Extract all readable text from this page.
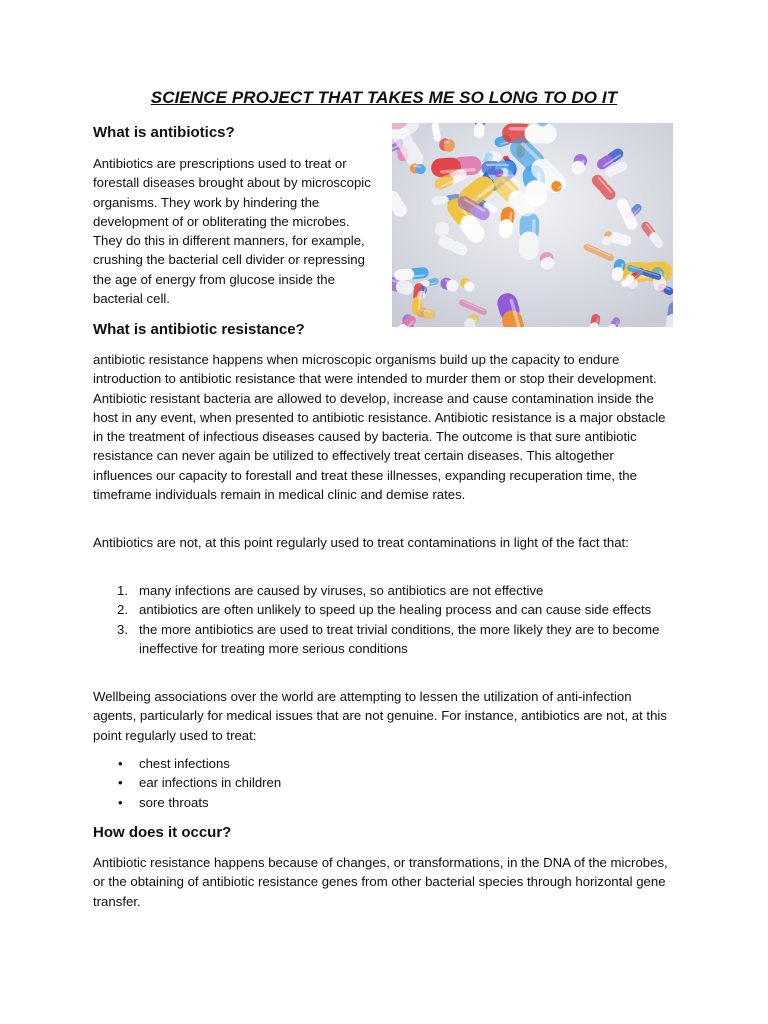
SCIENCE PROJECT THAT TAKES ME SO LONG TO DO IT
What is antibiotics?
Antibiotics are prescriptions used to treat or forestall diseases brought about by microscopic organisms. They work by hindering the development of or obliterating the microbes. They do this in different manners, for example, crushing the bacterial cell divider or repressing the age of energy from glucose inside the bacterial cell.
What is antibiotic resistance?
antibiotic resistance happens when microscopic organisms build up the capacity to endure introduction to antibiotic resistance that were intended to murder them or stop their development. Antibiotic resistant bacteria are allowed to develop, increase and cause contamination inside the host in any event, when presented to antibiotic resistance. Antibiotic resistance is a major obstacle in the treatment of infectious diseases caused by bacteria. The outcome is that sure antibiotic resistance can never again be utilized to effectively treat certain diseases. This altogether influences our capacity to forestall and treat these illnesses, expanding recuperation time, the timeframe individuals remain in medical clinic and demise rates.
Antibiotics are not, at this point regularly used to treat contaminations in light of the fact that:
1. many infections are caused by viruses, so antibiotics are not effective
2. antibiotics are often unlikely to speed up the healing process and can cause side effects
3. the more antibiotics are used to treat trivial conditions, the more likely they are to become ineffective for treating more serious conditions
Wellbeing associations over the world are attempting to lessen the utilization of anti-infection agents, particularly for medical issues that are not genuine. For instance, antibiotics are not, at this point regularly used to treat:
• chest infections
• ear infections in children
• sore throats
How does it occur?
Antibiotic resistance happens because of changes, or transformations, in the DNA of the microbes, or the obtaining of antibiotic resistance genes from other bacterial species through horizontal gene transfer.
